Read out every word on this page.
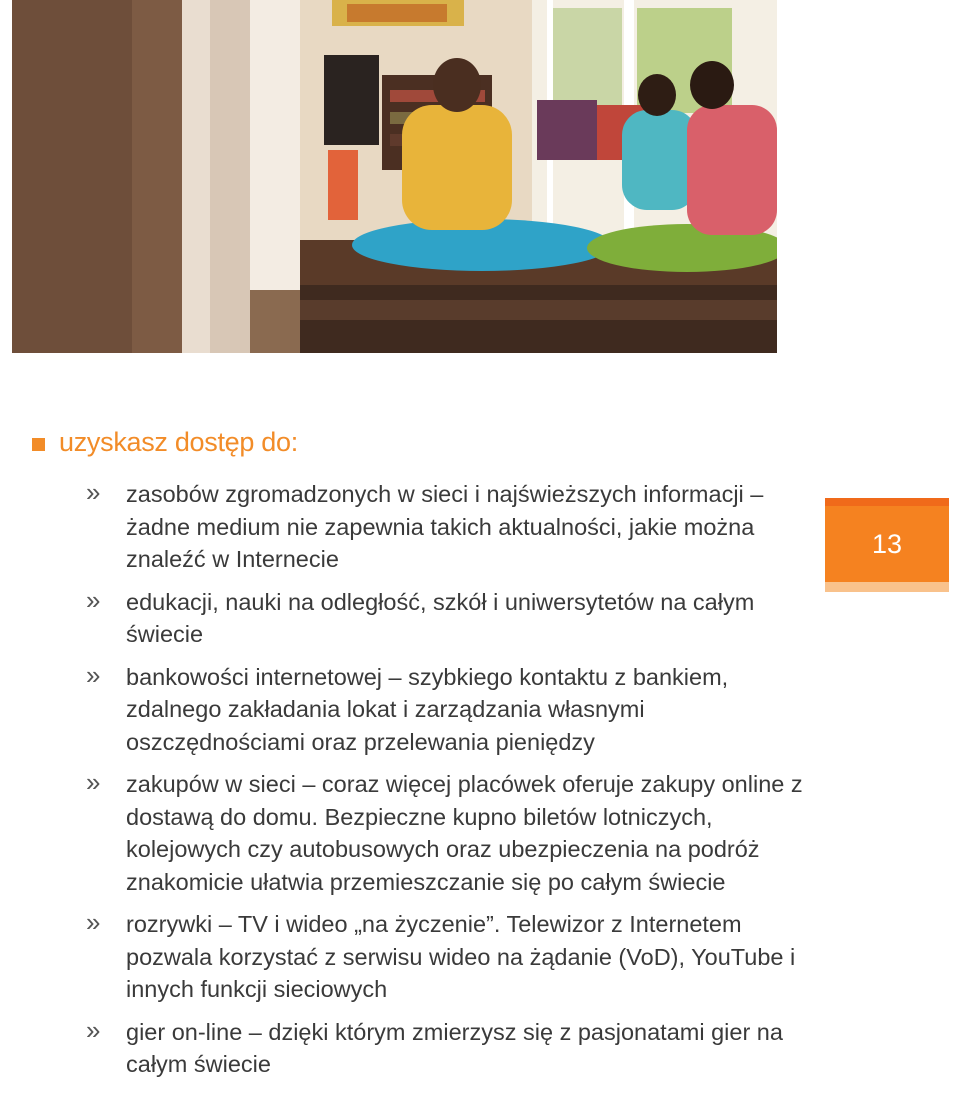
uzyskasz dostęp do:
» zasobów zgromadzonych w sieci i najświeższych informacji – żadne medium nie zapewnia takich aktualności, jakie można znaleźć w Internecie
» edukacji, nauki na odległość, szkół i uniwersytetów na całym świecie
» bankowości internetowej – szybkiego kontaktu z bankiem, zdalnego zakładania lokat i zarządzania własnymi oszczędnościami oraz przelewania pieniędzy
» zakupów w sieci – coraz więcej placówek oferuje zakupy online z dostawą do domu. Bezpieczne kupno biletów lotniczych, kolejowych czy autobusowych oraz ubezpieczenia na podróż znakomicie ułatwia przemieszczanie się po całym świecie
» rozrywki – TV i wideo „na życzenie”. Telewizor z Internetem pozwala korzystać z serwisu wideo na żądanie (VoD), YouTube i innych funkcji sieciowych
» gier on-line – dzięki którym zmierzysz się z pasjonatami gier na całym świecie
13
